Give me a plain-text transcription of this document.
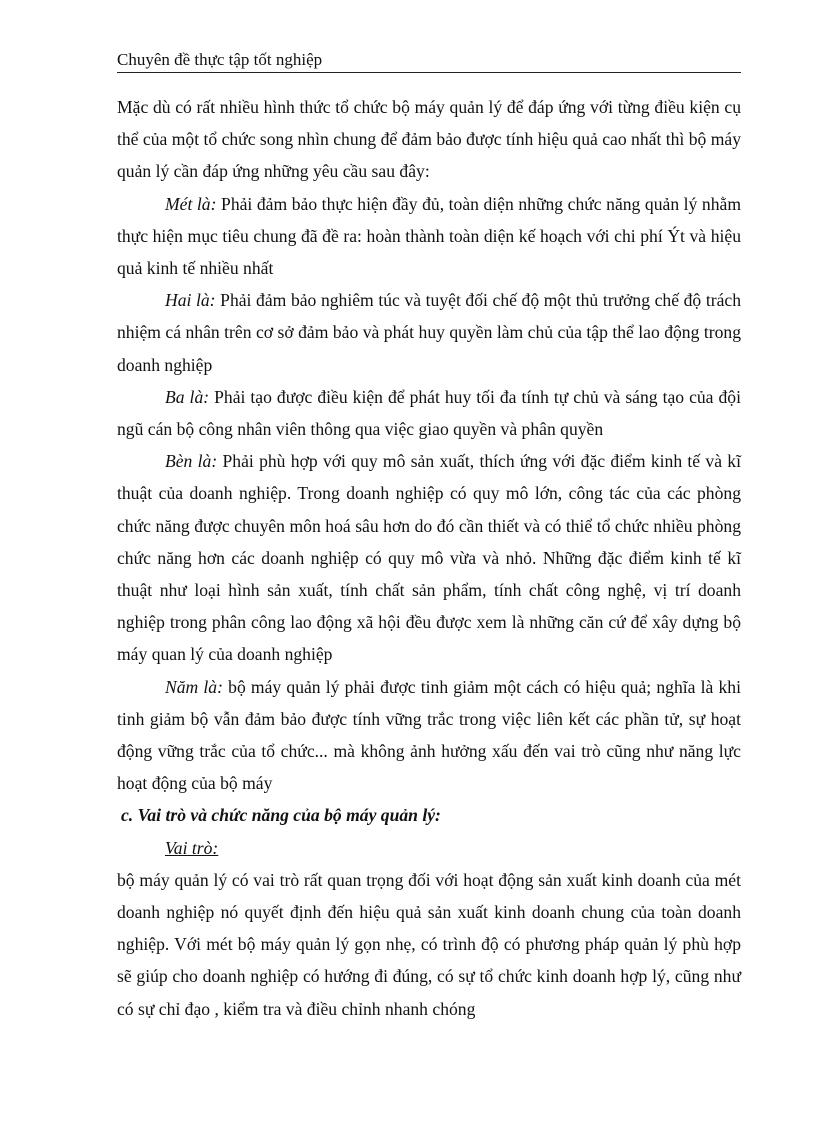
Chuyên đề thực tập tốt nghiệp

Mặc dù có rất nhiều hình thức tổ chức bộ máy quản lý để đáp ứng với từng điều kiện cụ thể của một tổ chức song nhìn chung để đảm bảo được tính hiệu quả cao nhất thì bộ máy quản lý cần đáp ứng những yêu cầu sau đây:

Mét là: Phải đảm bảo thực hiện đầy đủ, toàn diện những chức năng quản lý nhằm thực hiện mục tiêu chung đã đề ra: hoàn thành toàn diện kế hoạch với chi phí Ýt và hiệu quả kinh tế nhiều nhất

Hai là: Phải đảm bảo nghiêm túc và tuyệt đối chế độ một thủ trưởng chế độ trách nhiệm cá nhân trên cơ sở đảm bảo và phát huy quyền làm chủ của tập thể lao động trong doanh nghiệp

Ba là: Phải tạo được điều kiện để phát huy tối đa tính tự chủ và sáng tạo của đội ngũ cán bộ công nhân viên thông qua việc giao quyền và phân quyền

Bèn là: Phải phù hợp với quy mô sản xuất, thích ứng với đặc điểm kinh tế và kĩ thuật của doanh nghiệp. Trong doanh nghiệp có quy mô lớn, công tác của các phòng chức năng được chuyên môn hoá sâu hơn do đó cần thiết và có thiể tổ chức nhiều phòng chức năng hơn các doanh nghiệp có quy mô vừa và nhỏ. Những đặc điểm kinh tế kĩ thuật như loại hình sản xuất, tính chất sản phẩm, tính chất công nghệ, vị trí doanh nghiệp trong phân công lao động xã hội đều được xem là những căn cứ để xây dựng bộ máy quan lý của doanh nghiệp

Năm là: bộ máy quản lý phải được tinh giảm một cách có hiệu quả; nghĩa là khi tinh giảm bộ vẫn đảm bảo được tính vững trắc trong việc liên kết các phần tử, sự hoạt động vững trắc của tổ chức... mà không ảnh hưởng xấu đến vai trò cũng như năng lực hoạt động của bộ máy

c. Vai trò và chức năng của bộ máy quản lý:

Vai trò:

bộ máy quản lý có vai trò rất quan trọng đối với hoạt động sản xuất kinh doanh của mét doanh nghiệp nó quyết định đến hiệu quả sản xuất kinh doanh chung của toàn doanh nghiệp. Với mét bộ máy quản lý gọn nhẹ, có trình độ có phương pháp quản lý phù hợp sẽ giúp cho doanh nghiệp có hướng đi đúng, có sự tổ chức kinh doanh hợp lý, cũng như có sự chỉ đạo , kiểm tra và điều chỉnh nhanh chóng
